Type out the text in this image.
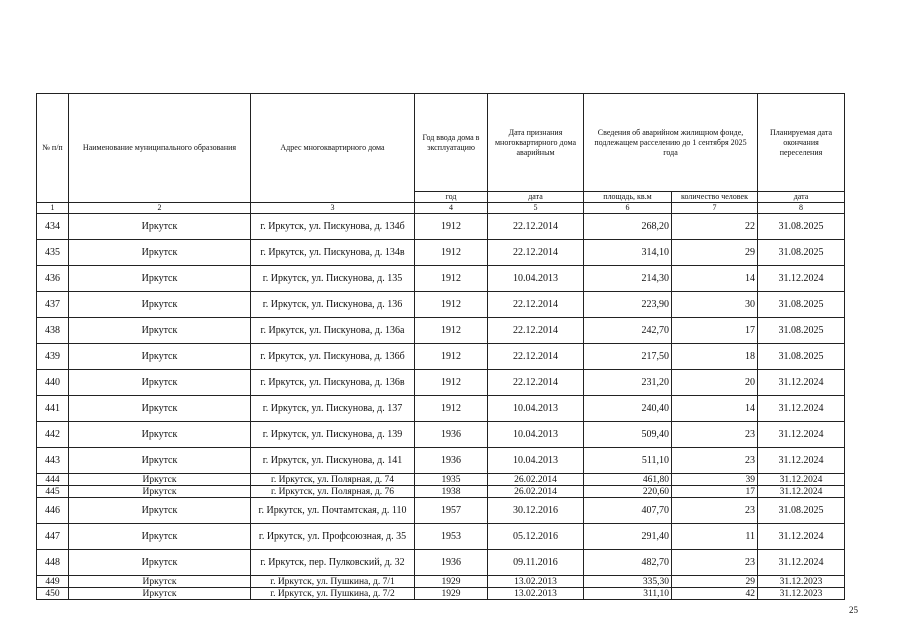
№ п/п	Наименование муниципального образования	Адрес многоквартирного дома	Год ввода дома в эксплуатацию	Дата признания многоквартирного дома аварийным	Сведения об аварийном жилищном фонде, подлежащем расселению до 1 сентября 2025 года		Планируемая дата окончания переселения
			год	дата	площадь, кв.м	количество человек	дата
1	2	3	4	5	6	7	8
434	Иркутск	г. Иркутск, ул. Пискунова, д. 134б	1912	22.12.2014	268,20	22	31.08.2025
435	Иркутск	г. Иркутск, ул. Пискунова, д. 134в	1912	22.12.2014	314,10	29	31.08.2025
436	Иркутск	г. Иркутск, ул. Пискунова, д. 135	1912	10.04.2013	214,30	14	31.12.2024
437	Иркутск	г. Иркутск, ул. Пискунова, д. 136	1912	22.12.2014	223,90	30	31.08.2025
438	Иркутск	г. Иркутск, ул. Пискунова, д. 136а	1912	22.12.2014	242,70	17	31.08.2025
439	Иркутск	г. Иркутск, ул. Пискунова, д. 136б	1912	22.12.2014	217,50	18	31.08.2025
440	Иркутск	г. Иркутск, ул. Пискунова, д. 136в	1912	22.12.2014	231,20	20	31.12.2024
441	Иркутск	г. Иркутск, ул. Пискунова, д. 137	1912	10.04.2013	240,40	14	31.12.2024
442	Иркутск	г. Иркутск, ул. Пискунова, д. 139	1936	10.04.2013	509,40	23	31.12.2024
443	Иркутск	г. Иркутск, ул. Пискунова, д. 141	1936	10.04.2013	511,10	23	31.12.2024
444	Иркутск	г. Иркутск, ул. Полярная, д. 74	1935	26.02.2014	461,80	39	31.12.2024
445	Иркутск	г. Иркутск, ул. Полярная, д. 76	1938	26.02.2014	220,60	17	31.12.2024
446	Иркутск	г. Иркутск, ул. Почтамтская, д. 110	1957	30.12.2016	407,70	23	31.08.2025
447	Иркутск	г. Иркутск, ул. Профсоюзная, д. 35	1953	05.12.2016	291,40	11	31.12.2024
448	Иркутск	г. Иркутск, пер. Пулковский, д. 32	1936	09.11.2016	482,70	23	31.12.2024
449	Иркутск	г. Иркутск, ул. Пушкина, д. 7/1	1929	13.02.2013	335,30	29	31.12.2023
450	Иркутск	г. Иркутск, ул. Пушкина, д. 7/2	1929	13.02.2013	311,10	42	31.12.2023
25
